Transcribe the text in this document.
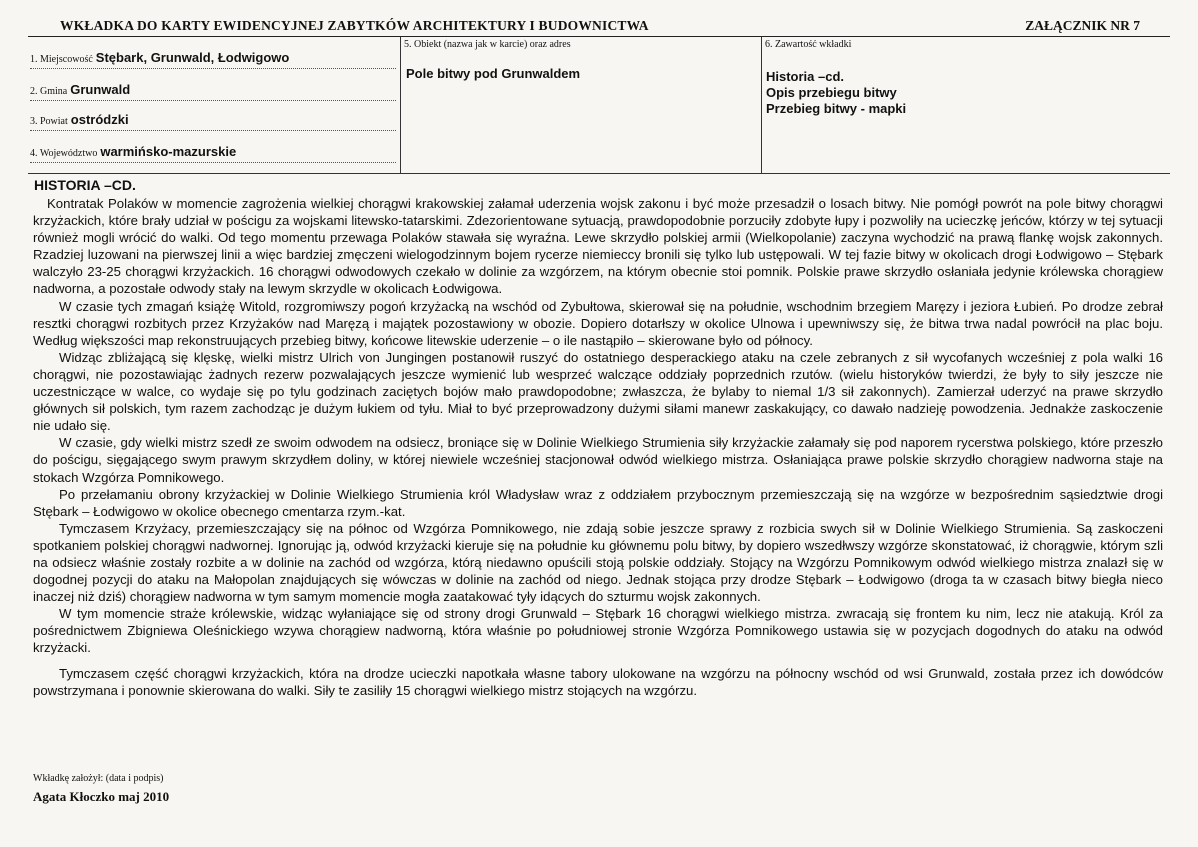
WKŁADKA DO KARTY EWIDENCYJNEJ ZABYTKÓW ARCHITEKTURY I BUDOWNICTWA	ZAŁĄCZNIK NR 7
1. Miejscowość Stębark, Grunwald, Łodwigowo
2. Gmina Grunwald
3. Powiat ostródzki
4. Województwo warmińsko-mazurskie
5. Obiekt (nazwa jak w karcie) oraz adres
Pole bitwy pod Grunwaldem
6. Zawartość wkładki
Historia –cd.
Opis przebiegu bitwy
Przebieg bitwy - mapki
HISTORIA –CD.

Kontratak Polaków w momencie zagrożenia wielkiej chorągwi krakowskiej załamał uderzenia wojsk zakonu i być może przesadził o losach bitwy. Nie pomógł powrót na pole bitwy chorągwi krzyżackich, które brały udział w pościgu za wojskami litewsko-tatarskimi. Zdezorientowane sytuacją, prawdopodobnie porzuciły zdobyte łupy i pozwoliły na ucieczkę jeńców, którzy w tej sytuacji również mogli wrócić do walki. Od tego momentu przewaga Polaków stawała się wyraźna. Lewe skrzydło polskiej armii (Wielkopolanie) zaczyna wychodzić na prawą flankę wojsk zakonnych. Rzadziej luzowani na pierwszej linii a więc bardziej zmęczeni wielogodzinnym bojem rycerze niemieccy bronili się tylko lub ustępowali. W tej fazie bitwy w okolicach drogi Łodwigowo – Stębark walczyło 23-25 chorągwi krzyżackich. 16 chorągwi odwodowych czekało w dolinie za wzgórzem, na którym obecnie stoi pomnik. Polskie prawe skrzydło osłaniała jedynie królewska chorągiew nadworna, a pozostałe odwody stały na lewym skrzydle w okolicach Łodwigowa.

W czasie tych zmagań książę Witold, rozgromiwszy pogoń krzyżacką na wschód od Zybułtowa, skierował się na południe, wschodnim brzegiem Maręzy i jeziora Łubień. Po drodze zebrał resztki chorągwi rozbitych przez Krzyżaków nad Maręzą i majątek pozostawiony w obozie. Dopiero dotarłszy w okolice Ulnowa i upewniwszy się, że bitwa trwa nadal powrócił na plac boju. Według większości map rekonstruujących przebieg bitwy, końcowe litewskie uderzenie – o ile nastąpiło – skierowane było od północy.

Widząc zbliżającą się klęskę, wielki mistrz Ulrich von Jungingen postanowił ruszyć do ostatniego desperackiego ataku na czele zebranych z sił wycofanych wcześniej z pola walki 16 chorągwi, nie pozostawiając żadnych rezerw pozwalających jeszcze wymienić lub wesprzeć walczące oddziały poprzednich rzutów. (wielu historyków twierdzi, że były to siły jeszcze nie uczestniczące w walce, co wydaje się po tylu godzinach zaciętych bojów mało prawdopodobne; zwłaszcza, że bylaby to niemal 1/3 sił zakonnych). Zamierzał uderzyć na prawe skrzydło głównych sił polskich, tym razem zachodząc je dużym łukiem od tyłu. Miał to być przeprowadzony dużymi siłami manewr zaskakujący, co dawało nadzieję powodzenia. Jednakże zaskoczenie nie udało się.

W czasie, gdy wielki mistrz szedł ze swoim odwodem na odsiecz, broniące się w Dolinie Wielkiego Strumienia siły krzyżackie załamały się pod naporem rycerstwa polskiego, które przeszło do pościgu, sięgającego swym prawym skrzydłem doliny, w której niewiele wcześniej stacjonował odwód wielkiego mistrza. Osłaniająca prawe polskie skrzydło chorągiew nadworna staje na stokach Wzgórza Pomnikowego.

Po przełamaniu obrony krzyżackiej w Dolinie Wielkiego Strumienia król Władysław wraz z oddziałem przybocznym przemieszczają się na wzgórze w bezpośrednim sąsiedztwie drogi Stębark – Łodwigowo w okolice obecnego cmentarza rzym.-kat.

Tymczasem Krzyżacy, przemieszczający się na północ od Wzgórza Pomnikowego, nie zdają sobie jeszcze sprawy z rozbicia swych sił w Dolinie Wielkiego Strumienia. Są zaskoczeni spotkaniem polskiej chorągwi nadwornej. Ignorując ją, odwód krzyżacki kieruje się na południe ku głównemu polu bitwy, by dopiero wszedłwszy wzgórze skonstatować, iż chorągwie, którym szli na odsiecz właśnie zostały rozbite a w dolinie na zachód od wzgórza, którą niedawno opuścili stoją polskie oddziały. Stojący na Wzgórzu Pomnikowym odwód wielkiego mistrza znalazł się w dogodnej pozycji do ataku na Małopolan znajdujących się wówczas w dolinie na zachód od niego. Jednak stojąca przy drodze Stębark – Łodwigowo (droga ta w czasach bitwy biegła nieco inaczej niż dziś) chorągiew nadworna w tym samym momencie mogła zaatakować tyły idących do szturmu wojsk zakonnych.

W tym momencie straże królewskie, widząc wyłaniające się od strony drogi Grunwald – Stębark 16 chorągwi wielkiego mistrza. zwracają się frontem ku nim, lecz nie atakują. Król za pośrednictwem Zbigniewa Oleśnickiego wzywa chorągiew nadworną, która właśnie po południowej stronie Wzgórza Pomnikowego ustawia się w pozycjach dogodnych do ataku na odwód krzyżacki.

Tymczasem część chorągwi krzyżackich, która na drodze ucieczki napotkała własne tabory ulokowane na wzgórzu na północny wschód od wsi Grunwald, została przez ich dowódców powstrzymana i ponownie skierowana do walki. Siły te zasiliły 15 chorągwi wielkiego mistrz stojących na wzgórzu.

Wkładkę założył: (data i podpis)
Agata Kłoczko maj 2010
